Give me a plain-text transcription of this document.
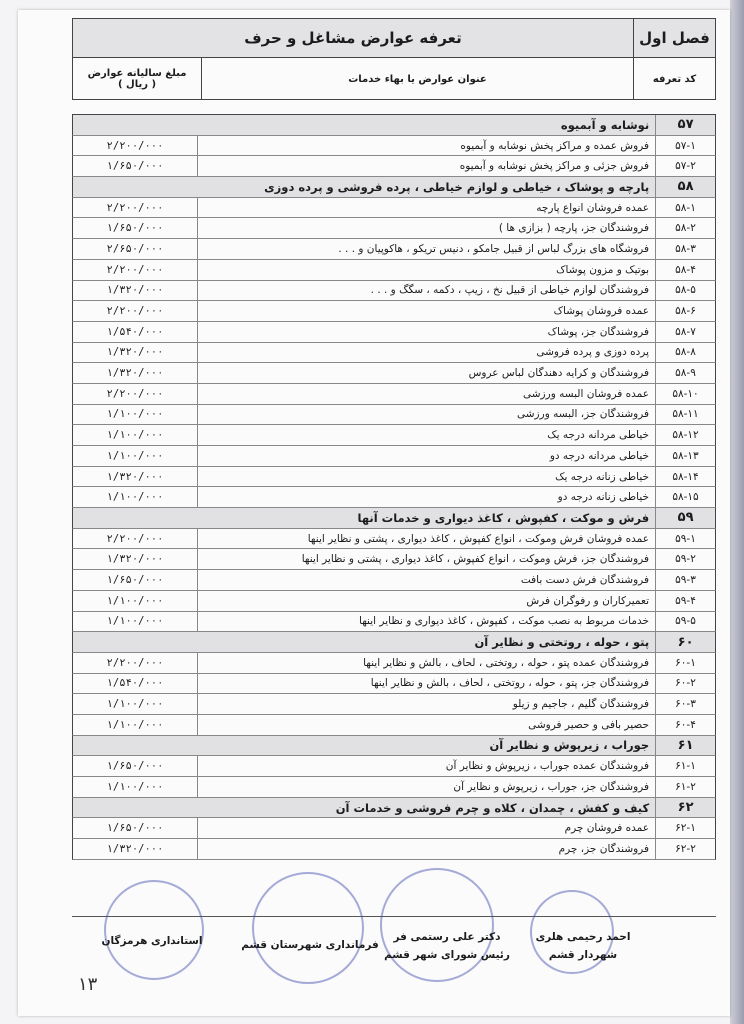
فصل اول
تعرفه عوارض مشاغل و حرف
کد تعرفه
عنوان عوارض یا بهاء خدمات
مبلغ سالیانه عوارض
( ریال )
۵۷
نوشابه و آبمیوه
۵۷-۱
فروش عمده و مراکز پخش نوشابه و آبمیوه
۲/۲۰۰/۰۰۰
۵۷-۲
فروش جزئی و مراکز پخش نوشابه و آبمیوه
۱/۶۵۰/۰۰۰
۵۸
پارچه و پوشاک ، خیاطی و لوازم خیاطی ، پرده فروشی و پرده دوزی
۵۸-۱
عمده فروشان انواع پارچه
۲/۲۰۰/۰۰۰
۵۸-۲
فروشندگان جز، پارچه ( بزازی ها )
۱/۶۵۰/۰۰۰
۵۸-۳
فروشگاه های بزرگ لباس از قبیل جامکو ، دنیس تریکو ، هاکوپیان و . . .
۲/۶۵۰/۰۰۰
۵۸-۴
بوتیک و مزون پوشاک
۲/۲۰۰/۰۰۰
۵۸-۵
فروشندگان لوازم خیاطی از قبیل نخ ، زیپ ، دکمه ، سگگ و . . .
۱/۳۲۰/۰۰۰
۵۸-۶
عمده فروشان پوشاک
۲/۲۰۰/۰۰۰
۵۸-۷
فروشندگان جز، پوشاک
۱/۵۴۰/۰۰۰
۵۸-۸
پرده دوزی و پرده فروشی
۱/۳۲۰/۰۰۰
۵۸-۹
فروشندگان و کرایه دهندگان لباس عروس
۱/۳۲۰/۰۰۰
۵۸-۱۰
عمده فروشان البسه ورزشی
۲/۲۰۰/۰۰۰
۵۸-۱۱
فروشندگان جز، البسه ورزشی
۱/۱۰۰/۰۰۰
۵۸-۱۲
خیاطی مردانه درجه یک
۱/۱۰۰/۰۰۰
۵۸-۱۳
خیاطی مردانه درجه دو
۱/۱۰۰/۰۰۰
۵۸-۱۴
خیاطی زنانه درجه یک
۱/۳۲۰/۰۰۰
۵۸-۱۵
خیاطی زنانه درجه دو
۱/۱۰۰/۰۰۰
۵۹
فرش و موکت ، کفپوش ، کاغذ دیواری و خدمات آنها
۵۹-۱
عمده فروشان فرش وموکت ، انواع کفپوش ، کاغذ دیواری ، پشتی و نظایر اینها
۲/۲۰۰/۰۰۰
۵۹-۲
فروشندگان جز، فرش وموکت ، انواع کفپوش ، کاغذ دیواری ، پشتی و نظایر اینها
۱/۳۲۰/۰۰۰
۵۹-۳
فروشندگان فرش دست بافت
۱/۶۵۰/۰۰۰
۵۹-۴
تعمیرکاران و رفوگران فرش
۱/۱۰۰/۰۰۰
۵۹-۵
خدمات مربوط به نصب موکت ، کفپوش ، کاغذ دیواری و نظایر اینها
۱/۱۰۰/۰۰۰
۶۰
پتو ، حوله ، روتختی و نظایر آن
۶۰-۱
فروشندگان عمده پتو ، حوله ، روتختی ، لحاف ، بالش و نظایر اینها
۲/۲۰۰/۰۰۰
۶۰-۲
فروشندگان جز، پتو ، حوله ، روتختی ، لحاف ، بالش و نظایر اینها
۱/۵۴۰/۰۰۰
۶۰-۳
فروشندگان گلیم ، جاجیم و زیلو
۱/۱۰۰/۰۰۰
۶۰-۴
حصیر بافی و حصیر فروشی
۱/۱۰۰/۰۰۰
۶۱
جوراب ، زیرپوش و نظایر آن
۶۱-۱
فروشندگان عمده جوراب ، زیرپوش و نظایر آن
۱/۶۵۰/۰۰۰
۶۱-۲
فروشندگان جز، جوراب ، زیرپوش و نظایر آن
۱/۱۰۰/۰۰۰
۶۲
کیف و کفش ، چمدان ، کلاه و چرم فروشی و خدمات آن
۶۲-۱
عمده فروشان چرم
۱/۶۵۰/۰۰۰
۶۲-۲
فروشندگان جز، چرم
۱/۳۲۰/۰۰۰
احمد رحیمی هلری
شهردار قشم
دکتر علی رستمی فر
رئیس شورای شهر قشم
فرمانداری شهرستان قشم
استانداری هرمزگان
۱۳
